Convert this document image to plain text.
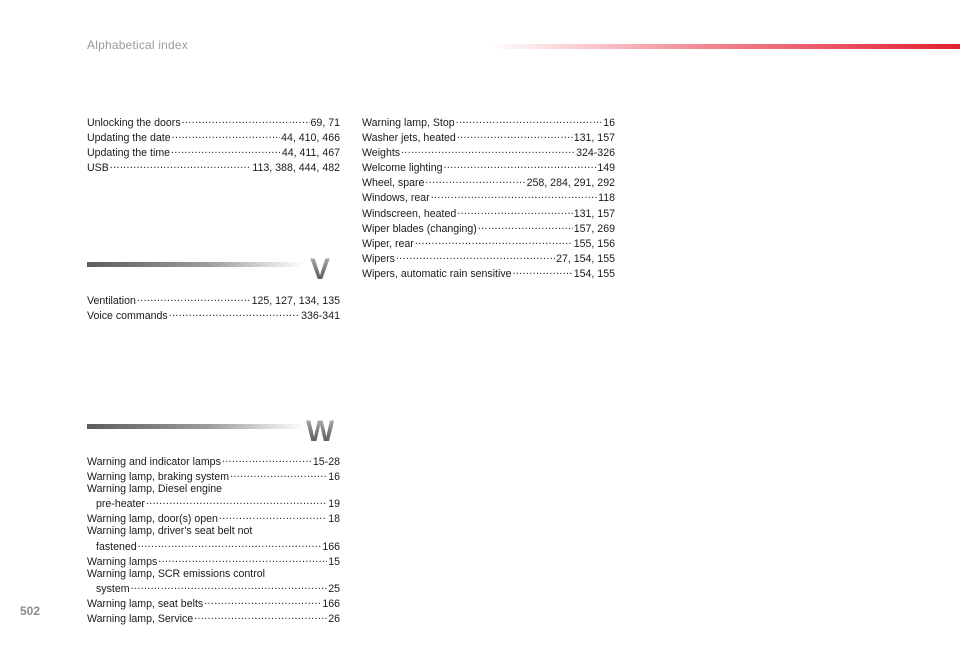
Alphabetical index
Unlocking the doors .....	69, 71
Updating the date .....	44, 410, 466
Updating the time .....	44, 411, 467
USB .....	113, 388, 444, 482
V
Ventilation .....	125, 127, 134, 135
Voice commands .....	336-341
W
Warning and indicator lamps .....	15-28
Warning lamp, braking system .....	16
Warning lamp, Diesel engine
pre-heater .....	19
Warning lamp, door(s) open .....	18
Warning lamp, driver's seat belt not
fastened .....	166
Warning lamps .....	15
Warning lamp, SCR emissions control
system .....	25
Warning lamp, seat belts .....	166
Warning lamp, Service .....	26
Warning lamp, Stop .....	16
Washer jets, heated .....	131, 157
Weights .....	324-326
Welcome lighting .....	149
Wheel, spare .....	258, 284, 291, 292
Windows, rear .....	118
Windscreen, heated .....	131, 157
Wiper blades (changing) .....	157, 269
Wiper, rear .....	155, 156
Wipers .....	27, 154, 155
Wipers, automatic rain sensitive .....	154, 155
502
